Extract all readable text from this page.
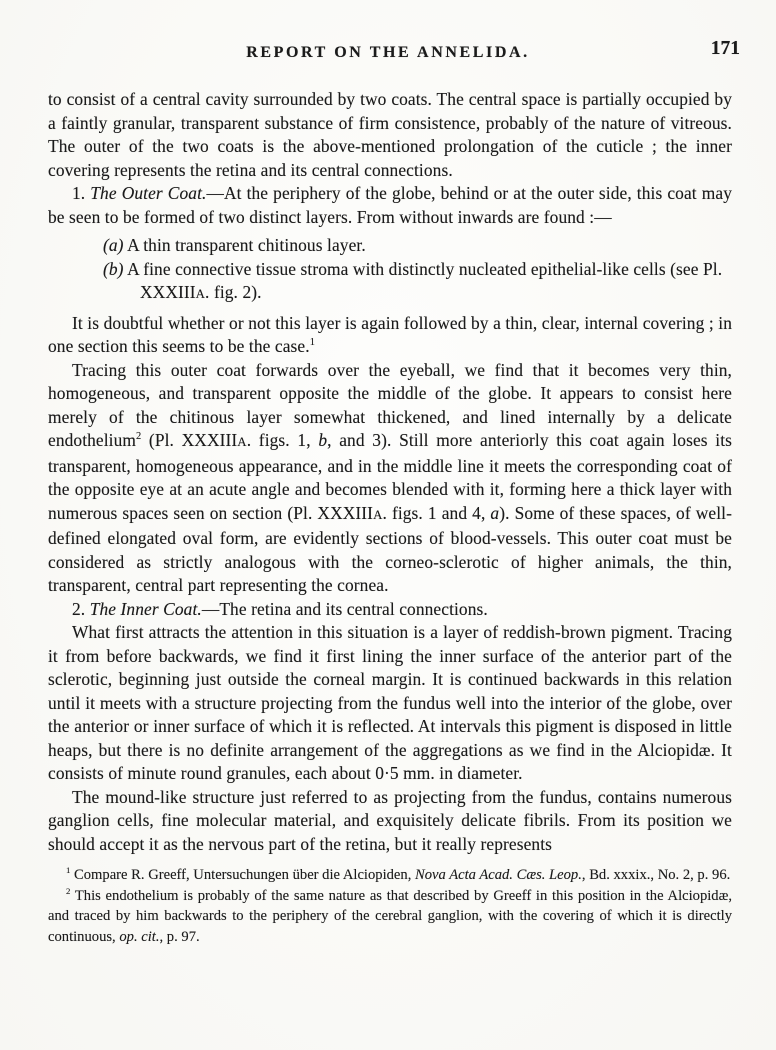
REPORT ON THE ANNELIDA.	171

to consist of a central cavity surrounded by two coats. The central space is partially occupied by a faintly granular, transparent substance of firm consistence, probably of the nature of vitreous. The outer of the two coats is the above-mentioned prolongation of the cuticle ; the inner covering represents the retina and its central connections.

1. The Outer Coat.—At the periphery of the globe, behind or at the outer side, this coat may be seen to be formed of two distinct layers. From without inwards are found :—

(a) A thin transparent chitinous layer.

(b) A fine connective tissue stroma with distinctly nucleated epithelial-like cells (see Pl. XXXIIIA. fig. 2).

It is doubtful whether or not this layer is again followed by a thin, clear, internal covering ; in one section this seems to be the case.$^1$

Tracing this outer coat forwards over the eyeball, we find that it becomes very thin, homogeneous, and transparent opposite the middle of the globe. It appears to consist here merely of the chitinous layer somewhat thickened, and lined internally by a delicate endothelium$^2$ (Pl. XXXIIIA. figs. 1, b, and 3). Still more anteriorly this coat again loses its transparent, homogeneous appearance, and in the middle line it meets the corresponding coat of the opposite eye at an acute angle and becomes blended with it, forming here a thick layer with numerous spaces seen on section (Pl. XXXIIIA. figs. 1 and 4, a). Some of these spaces, of well-defined elongated oval form, are evidently sections of blood-vessels. This outer coat must be considered as strictly analogous with the corneo-sclerotic of higher animals, the thin, transparent, central part representing the cornea.

2. The Inner Coat.—The retina and its central connections.

What first attracts the attention in this situation is a layer of reddish-brown pigment. Tracing it from before backwards, we find it first lining the inner surface of the anterior part of the sclerotic, beginning just outside the corneal margin. It is continued backwards in this relation until it meets with a structure projecting from the fundus well into the interior of the globe, over the anterior or inner surface of which it is reflected. At intervals this pigment is disposed in little heaps, but there is no definite arrangement of the aggregations as we find in the Alciopidæ. It consists of minute round granules, each about 0·5 mm. in diameter.

The mound-like structure just referred to as projecting from the fundus, contains numerous ganglion cells, fine molecular material, and exquisitely delicate fibrils. From its position we should accept it as the nervous part of the retina, but it really represents

$^1$ Compare R. Greeff, Untersuchungen über die Alciopiden, Nova Acta Acad. Cæs. Leop., Bd. xxxix., No. 2, p. 96.

$^2$ This endothelium is probably of the same nature as that described by Greeff in this position in the Alciopidæ, and traced by him backwards to the periphery of the cerebral ganglion, with the covering of which it is directly continuous, op. cit., p. 97.
